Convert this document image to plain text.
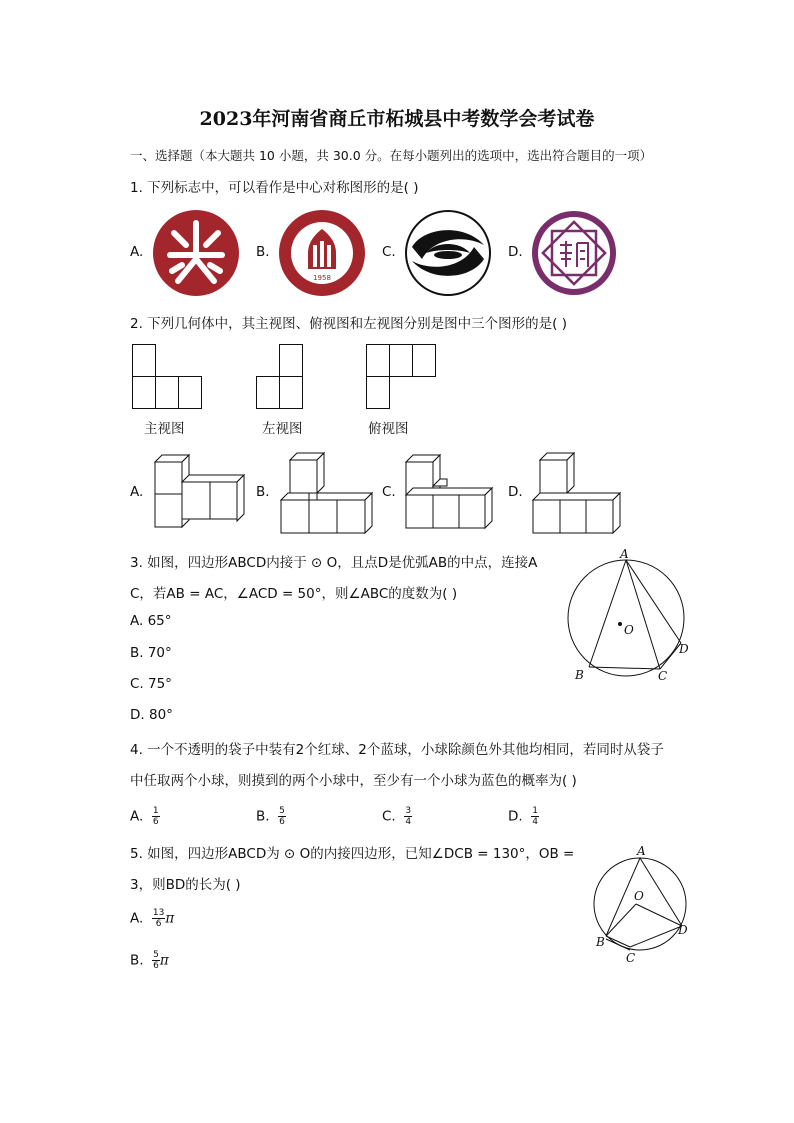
2023年河南省商丘市柘城县中考数学会考试卷
一、选择题（本大题共 10 小题，共 30.0 分。在每小题列出的选项中，选出符合题目的一项）
1. 下列标志中，可以看作是中心对称图形的是( )
A.	B.	C.	D.
1958
2. 下列几何体中，其主视图、俯视图和左视图分别是图中三个图形的是( )
主视图	左视图	俯视图
A.	B.	C.	D.
3. 如图，四边形ABCD内接于 ⊙ O，且点D是优弧AB的中点，连接A
C，若AB = AC，∠ACD = 50°，则∠ABC的度数为( )
A. 65°
B. 70°
C. 75°
D. 80°
A
B	C
D
O
4. 一个不透明的袋子中装有2个红球、2个蓝球，小球除颜色外其他均相同，若同时从袋子
中任取两个小球，则摸到的两个小球中，至少有一个小球为蓝色的概率为( )
A. $\frac{1}{6}$	B. $\frac{5}{6}$	C. $\frac{3}{4}$	D. $\frac{1}{4}$
5. 如图，四边形ABCD为 ⊙ O的内接四边形，已知∠DCB = 130°，OB =
3，则BD的长为( )
A. $\frac{13}{6}$ π
B. $\frac{5}{6}$ π
A
O
B
C
D
